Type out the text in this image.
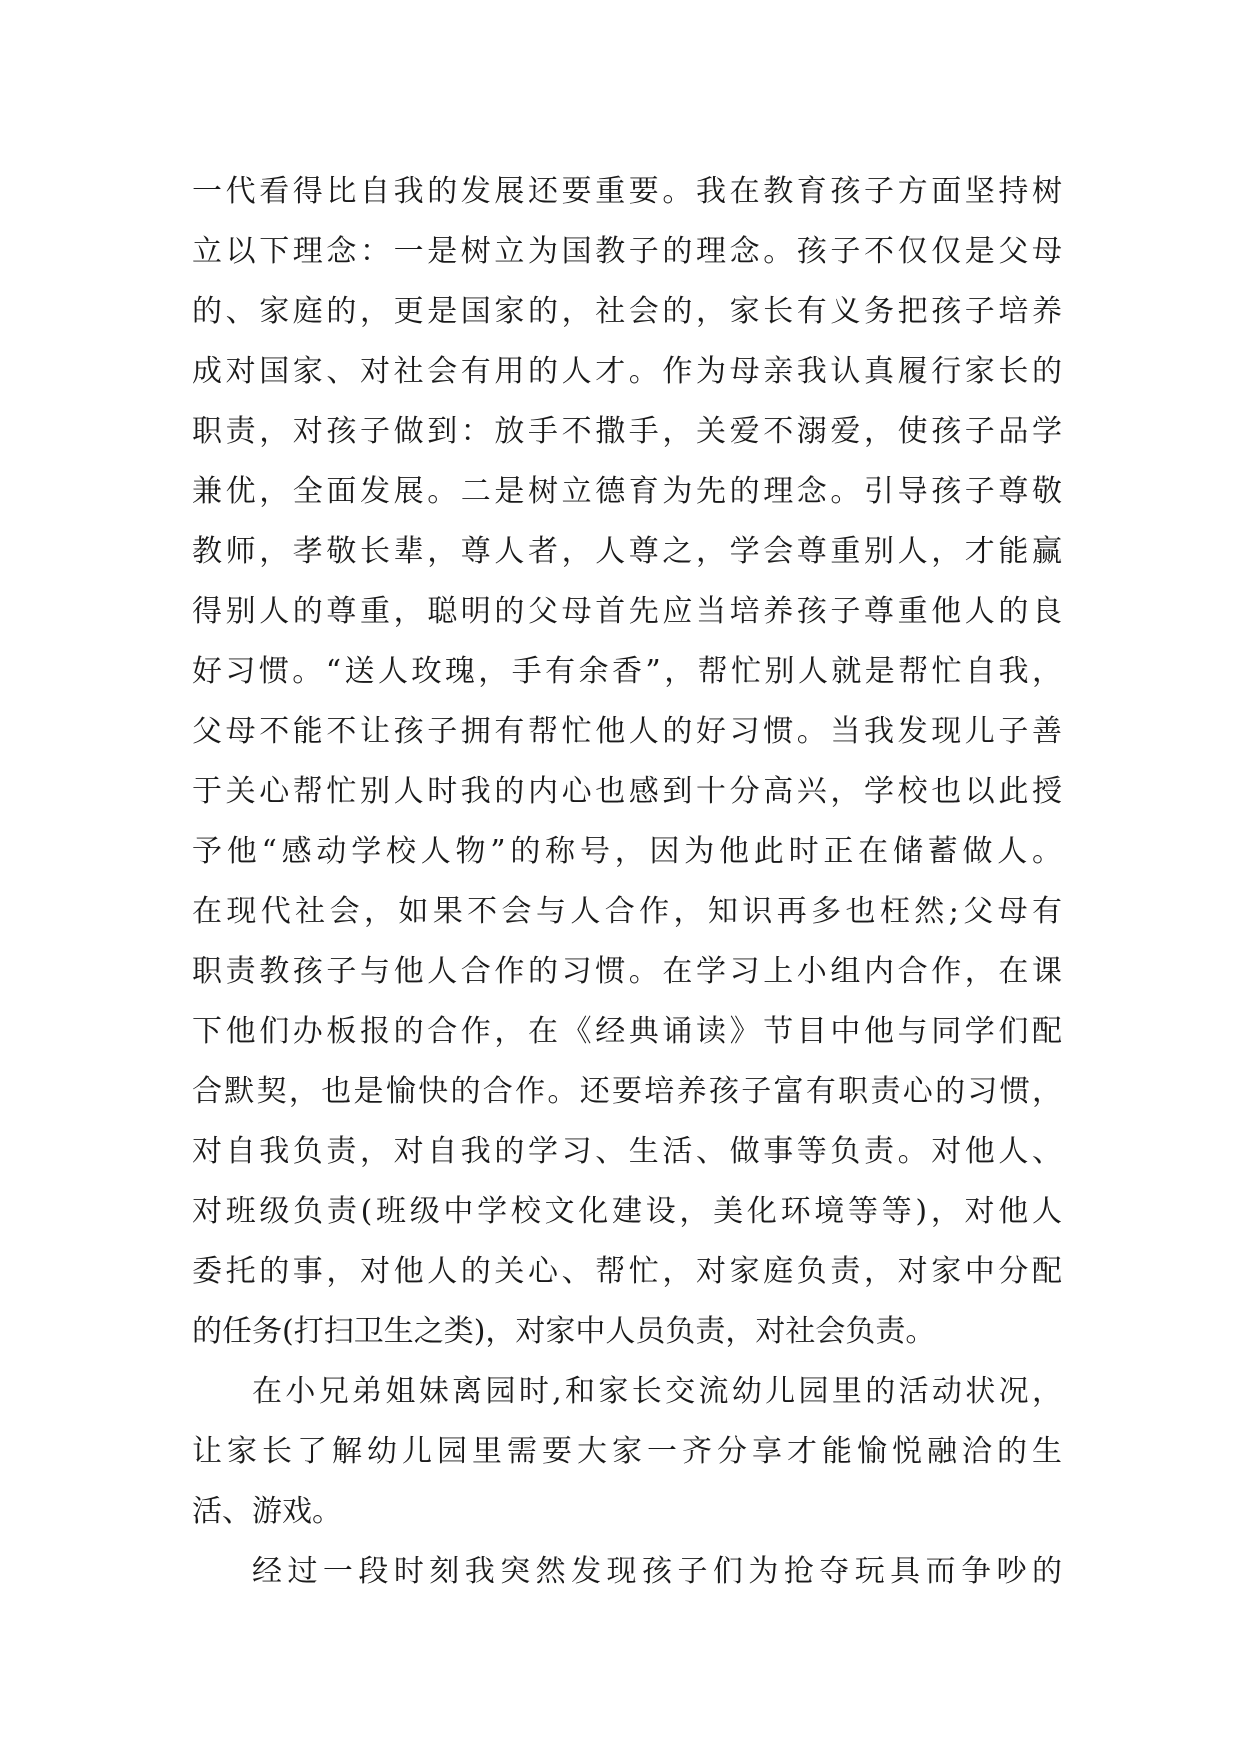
一代看得比自我的发展还要重要。我在教育孩子方面坚持树
立以下理念：一是树立为国教子的理念。孩子不仅仅是父母
的、家庭的，更是国家的，社会的，家长有义务把孩子培养
成对国家、对社会有用的人才。作为母亲我认真履行家长的
职责，对孩子做到：放手不撒手，关爱不溺爱，使孩子品学
兼优，全面发展。二是树立德育为先的理念。引导孩子尊敬
教师，孝敬长辈，尊人者，人尊之，学会尊重别人，才能赢
得别人的尊重，聪明的父母首先应当培养孩子尊重他人的良
好习惯。“送人玫瑰，手有余香”，帮忙别人就是帮忙自我，
父母不能不让孩子拥有帮忙他人的好习惯。当我发现儿子善
于关心帮忙别人时我的内心也感到十分高兴，学校也以此授
予他“感动学校人物”的称号，因为他此时正在储蓄做人。
在现代社会，如果不会与人合作，知识再多也枉然;父母有
职责教孩子与他人合作的习惯。在学习上小组内合作，在课
下他们办板报的合作，在《经典诵读》节目中他与同学们配
合默契，也是愉快的合作。还要培养孩子富有职责心的习惯，
对自我负责，对自我的学习、生活、做事等负责。对他人、
对班级负责(班级中学校文化建设，美化环境等等)，对他人
委托的事，对他人的关心、帮忙，对家庭负责，对家中分配
的任务(打扫卫生之类)，对家中人员负责，对社会负责。
在小兄弟姐妹离园时,和家长交流幼儿园里的活动状况，
让家长了解幼儿园里需要大家一齐分享才能愉悦融洽的生
活、游戏。
经过一段时刻我突然发现孩子们为抢夺玩具而争吵的
